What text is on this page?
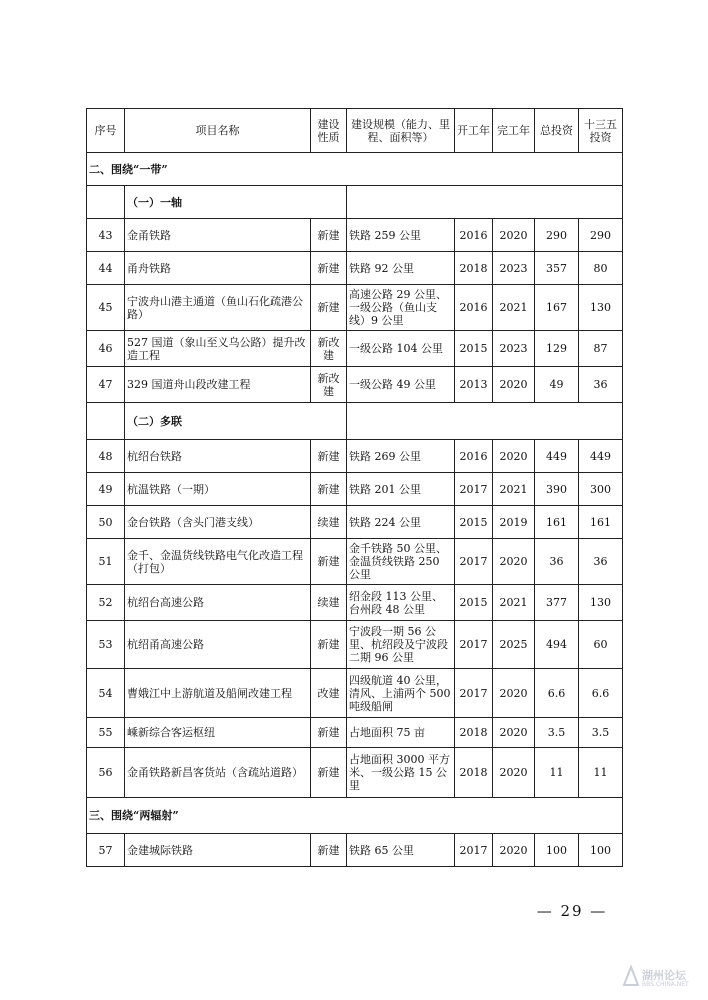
序号	项目名称	建设性质	建设规模（能力、里程、面积等）	开工年	完工年	总投资	十三五投资
二、围绕“一带”							
	（一）一轴						
43	金甬铁路	新建	铁路 259 公里	2016	2020	290	290
44	甬舟铁路	新建	铁路 92 公里	2018	2023	357	80
45	宁波舟山港主通道（鱼山石化疏港公路）	新建	高速公路 29 公里、一级公路（鱼山支线）9 公里	2016	2021	167	130
46	527 国道（象山至义乌公路）提升改造工程	新改建	一级公路 104 公里	2015	2023	129	87
47	329 国道舟山段改建工程	新改建	一级公路 49 公里	2013	2020	49	36
	（二）多联						
48	杭绍台铁路	新建	铁路 269 公里	2016	2020	449	449
49	杭温铁路（一期）	新建	铁路 201 公里	2017	2021	390	300
50	金台铁路（含头门港支线）	续建	铁路 224 公里	2015	2019	161	161
51	金千、金温货线铁路电气化改造工程（打包）	新建	金千铁路 50 公里、金温货线铁路 250 公里	2017	2020	36	36
52	杭绍台高速公路	续建	绍金段 113 公里、台州段 48 公里	2015	2021	377	130
53	杭绍甬高速公路	新建	宁波段一期 56 公里、杭绍段及宁波段二期 96 公里	2017	2025	494	60
54	曹娥江中上游航道及船闸改建工程	改建	四级航道 40 公里，清风、上浦两个 500 吨级船闸	2017	2020	6.6	6.6
55	嵊新综合客运枢纽	新建	占地面积 75 亩	2018	2020	3.5	3.5
56	金甬铁路新昌客货站（含疏站道路）	新建	占地面积 3000 平方米、一级公路 15 公里	2018	2020	11	11
三、围绕“两辐射”							
57	金建城际铁路	新建	铁路 65 公里	2017	2020	100	100
— 29 —
湖州论坛
BBS.CHINA.NET
